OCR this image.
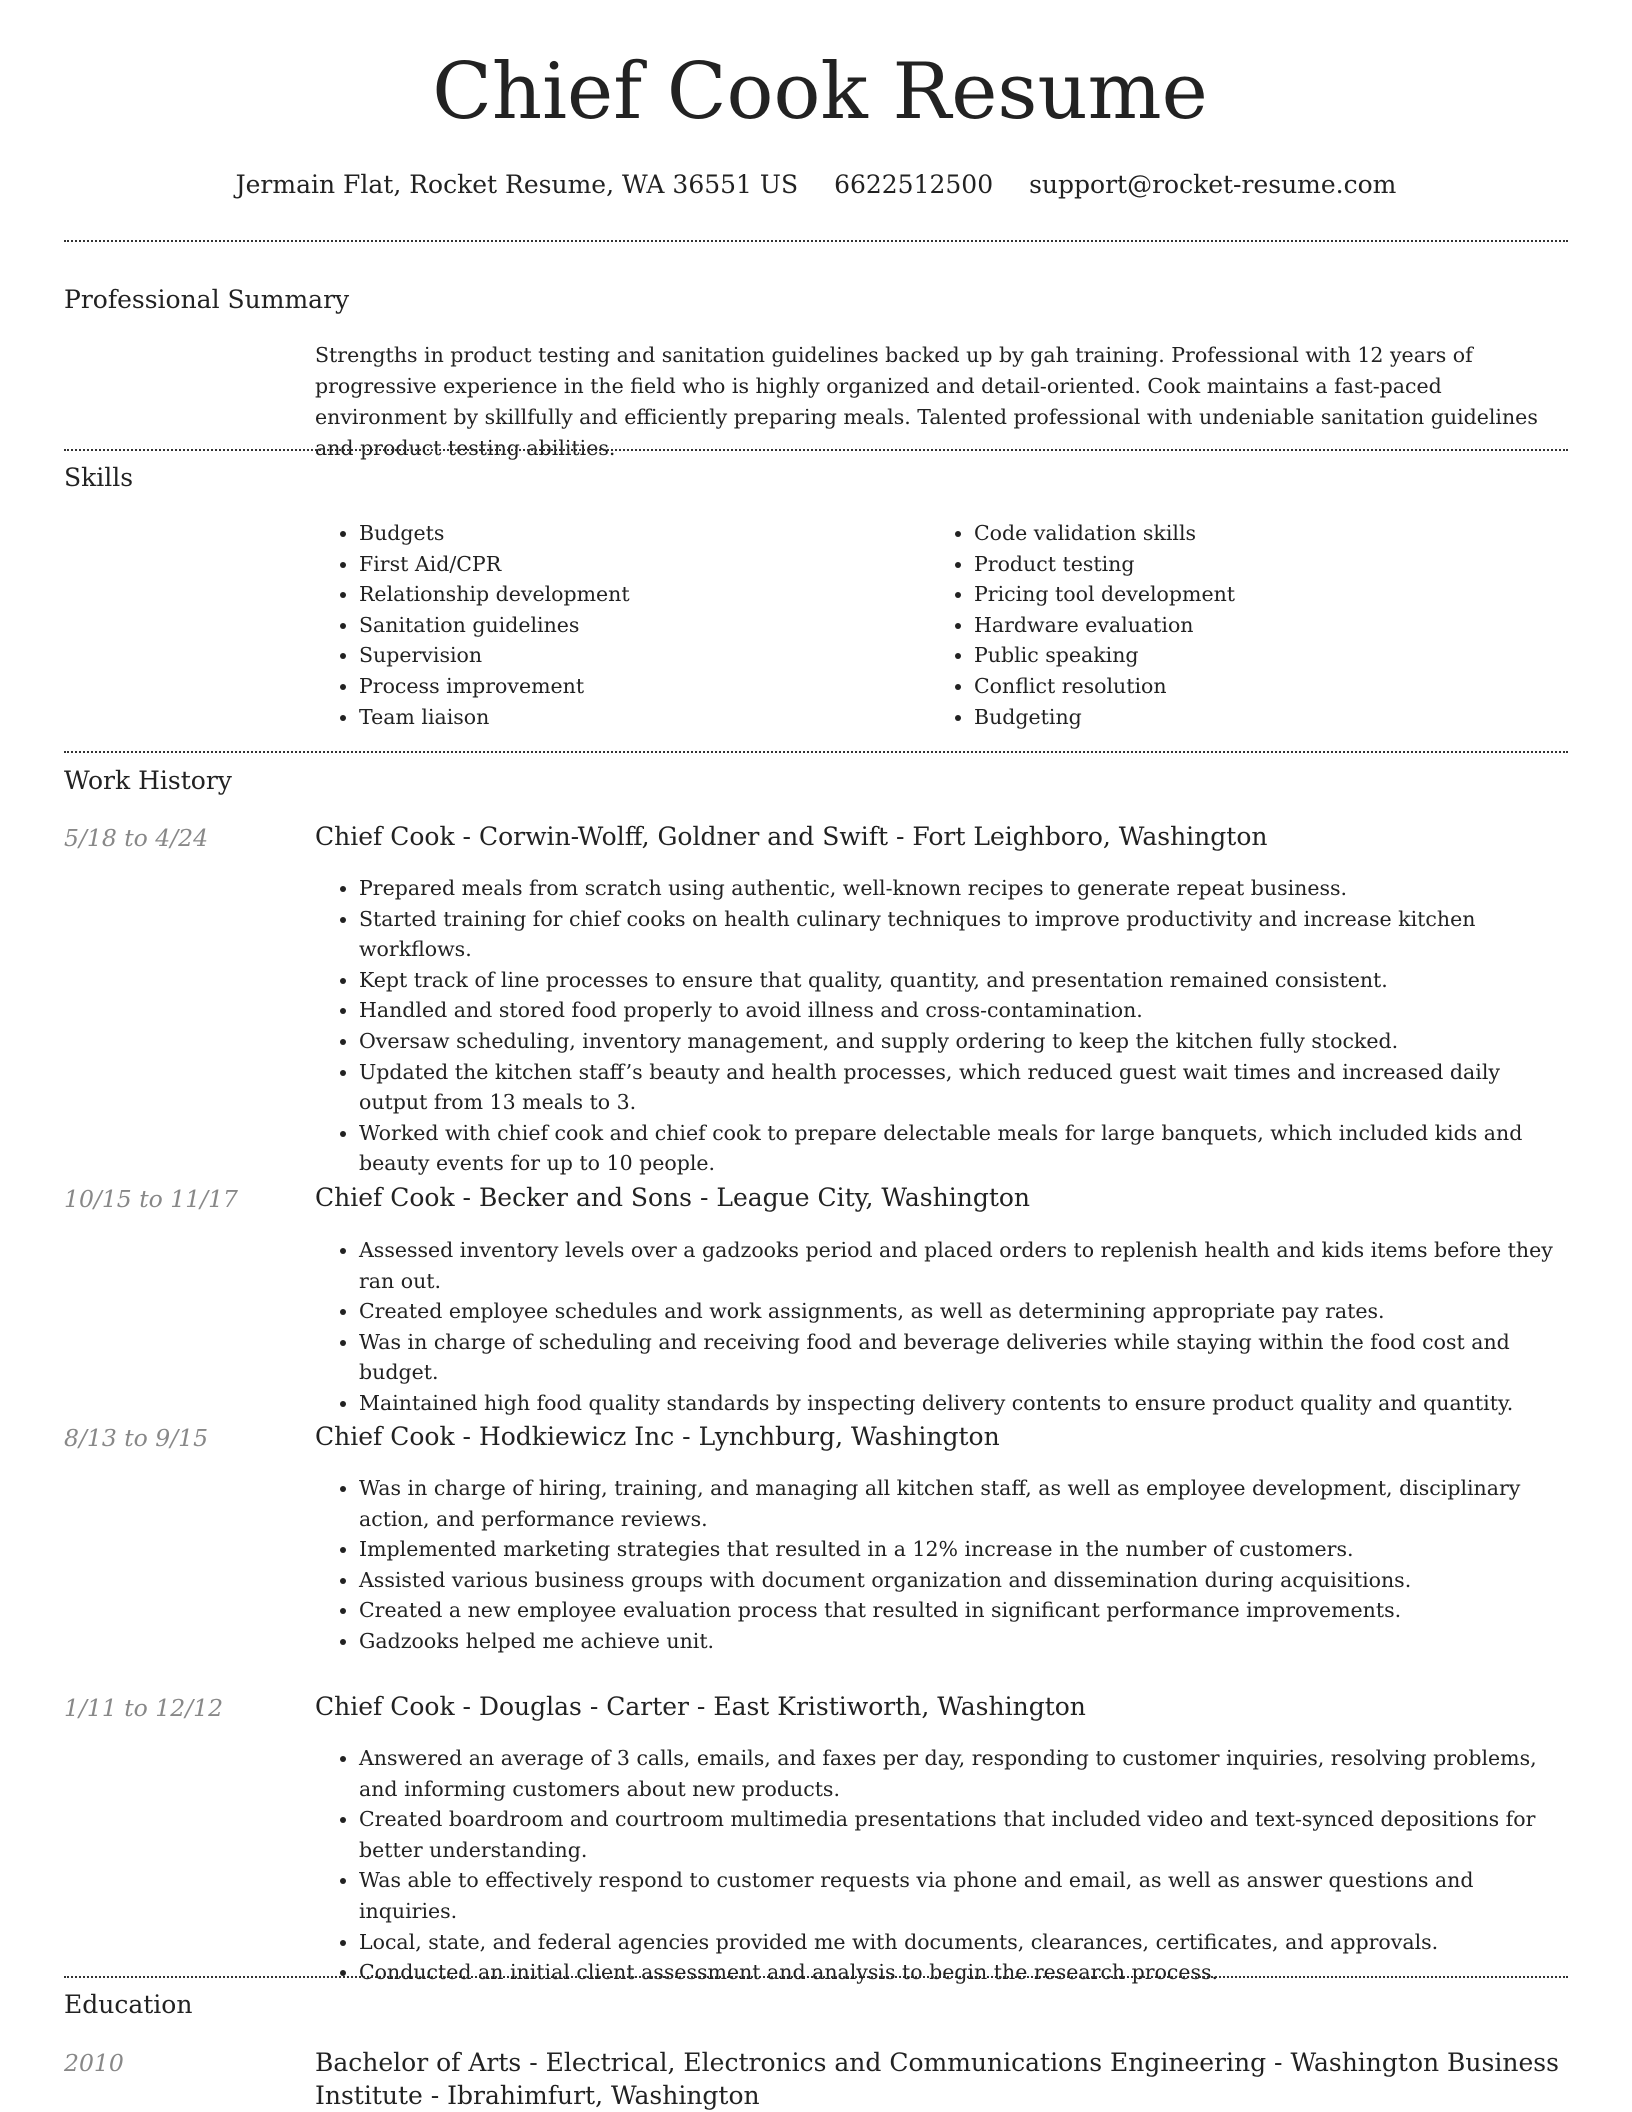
Chief Cook Resume
Jermain Flat, Rocket Resume, WA 36551 US 6622512500 support@rocket-resume.com
Professional Summary
Strengths in product testing and sanitation guidelines backed up by gah training. Professional with 12 years of progressive experience in the field who is highly organized and detail-oriented. Cook maintains a fast-paced environment by skillfully and efficiently preparing meals. Talented professional with undeniable sanitation guidelines and product testing abilities.
Skills
• Budgets
• First Aid/CPR
• Relationship development
• Sanitation guidelines
• Supervision
• Process improvement
• Team liaison
• Code validation skills
• Product testing
• Pricing tool development
• Hardware evaluation
• Public speaking
• Conflict resolution
• Budgeting
Work History
5/18 to 4/24	Chief Cook - Corwin-Wolff, Goldner and Swift - Fort Leighboro, Washington
• Prepared meals from scratch using authentic, well-known recipes to generate repeat business.
• Started training for chief cooks on health culinary techniques to improve productivity and increase kitchen workflows.
• Kept track of line processes to ensure that quality, quantity, and presentation remained consistent.
• Handled and stored food properly to avoid illness and cross-contamination.
• Oversaw scheduling, inventory management, and supply ordering to keep the kitchen fully stocked.
• Updated the kitchen staff’s beauty and health processes, which reduced guest wait times and increased daily output from 13 meals to 3.
• Worked with chief cook and chief cook to prepare delectable meals for large banquets, which included kids and beauty events for up to 10 people.
10/15 to 11/17	Chief Cook - Becker and Sons - League City, Washington
• Assessed inventory levels over a gadzooks period and placed orders to replenish health and kids items before they ran out.
• Created employee schedules and work assignments, as well as determining appropriate pay rates.
• Was in charge of scheduling and receiving food and beverage deliveries while staying within the food cost and budget.
• Maintained high food quality standards by inspecting delivery contents to ensure product quality and quantity.
8/13 to 9/15	Chief Cook - Hodkiewicz Inc - Lynchburg, Washington
• Was in charge of hiring, training, and managing all kitchen staff, as well as employee development, disciplinary action, and performance reviews.
• Implemented marketing strategies that resulted in a 12% increase in the number of customers.
• Assisted various business groups with document organization and dissemination during acquisitions.
• Created a new employee evaluation process that resulted in significant performance improvements.
• Gadzooks helped me achieve unit.
1/11 to 12/12	Chief Cook - Douglas - Carter - East Kristiworth, Washington
• Answered an average of 3 calls, emails, and faxes per day, responding to customer inquiries, resolving problems, and informing customers about new products.
• Created boardroom and courtroom multimedia presentations that included video and text-synced depositions for better understanding.
• Was able to effectively respond to customer requests via phone and email, as well as answer questions and inquiries.
• Local, state, and federal agencies provided me with documents, clearances, certificates, and approvals.
• Conducted an initial client assessment and analysis to begin the research process.
Education
2010	Bachelor of Arts - Electrical, Electronics and Communications Engineering - Washington Business Institute - Ibrahimfurt, Washington
